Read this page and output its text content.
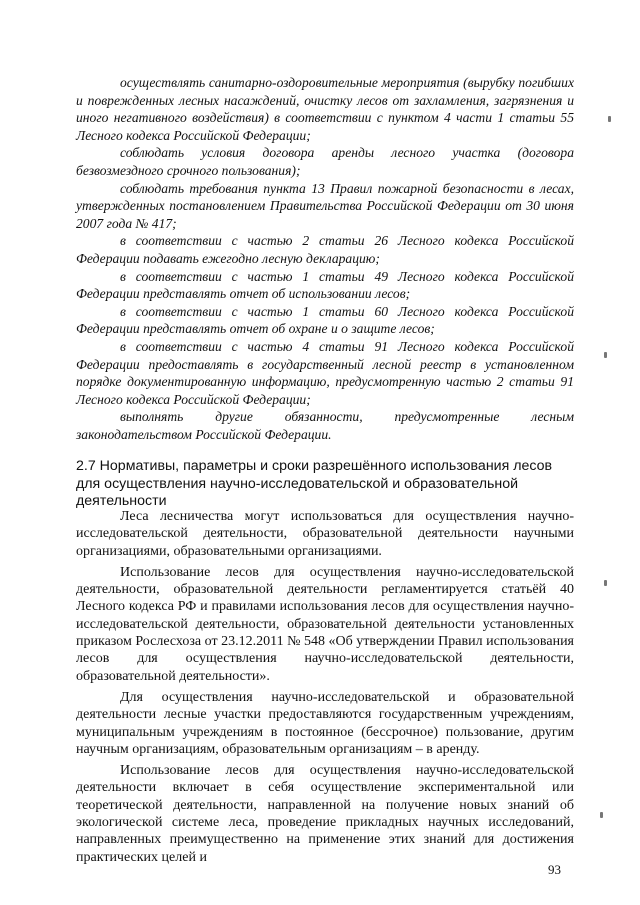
осуществлять санитарно-оздоровительные мероприятия (вырубку погибших и поврежденных лесных насаждений, очистку лесов от захламления, загрязнения и иного негативного воздействия) в соответствии с пунктом 4 части 1 статьи 55 Лесного кодекса Российской Федерации;

соблюдать условия договора аренды лесного участка (договора безвозмездного срочного пользования);

соблюдать требования пункта 13 Правил пожарной безопасности в лесах, утвержденных постановлением Правительства Российской Федерации от 30 июня 2007 года № 417;

в соответствии с частью 2 статьи 26 Лесного кодекса Российской Федерации подавать ежегодно лесную декларацию;

в соответствии с частью 1 статьи 49 Лесного кодекса Российской Федерации представлять отчет об использовании лесов;

в соответствии с частью 1 статьи 60 Лесного кодекса Российской Федерации представлять отчет об охране и о защите лесов;

в соответствии с частью 4 статьи 91 Лесного кодекса Российской Федерации предоставлять в государственный лесной реестр в установленном порядке документированную информацию, предусмотренную частью 2 статьи 91 Лесного кодекса Российской Федерации;

выполнять другие обязанности, предусмотренные лесным законодательством Российской Федерации.

2.7 Нормативы, параметры и сроки разрешённого использования лесов для осуществления научно-исследовательской и образовательной деятельности

Леса лесничества могут использоваться для осуществления научно-исследовательской деятельности, образовательной деятельности научными организациями, образовательными организациями.

Использование лесов для осуществления научно-исследовательской деятельности, образовательной деятельности регламентируется статьёй 40 Лесного кодекса РФ и правилами использования лесов для осуществления научно-исследовательской деятельности, образовательной деятельности установленных приказом Рослесхоза от 23.12.2011 № 548 «Об утверждении Правил использования лесов для осуществления научно-исследовательской деятельности, образовательной деятельности».

Для осуществления научно-исследовательской и образовательной деятельности лесные участки предоставляются государственным учреждениям, муниципальным учреждениям в постоянное (бессрочное) пользование, другим научным организациям, образовательным организациям – в аренду.

Использование лесов для осуществления научно-исследовательской деятельности включает в себя осуществление экспериментальной или теоретической деятельности, направленной на получение новых знаний об экологической системе леса, проведение прикладных научных исследований, направленных преимущественно на применение этих знаний для достижения практических целей и

93
